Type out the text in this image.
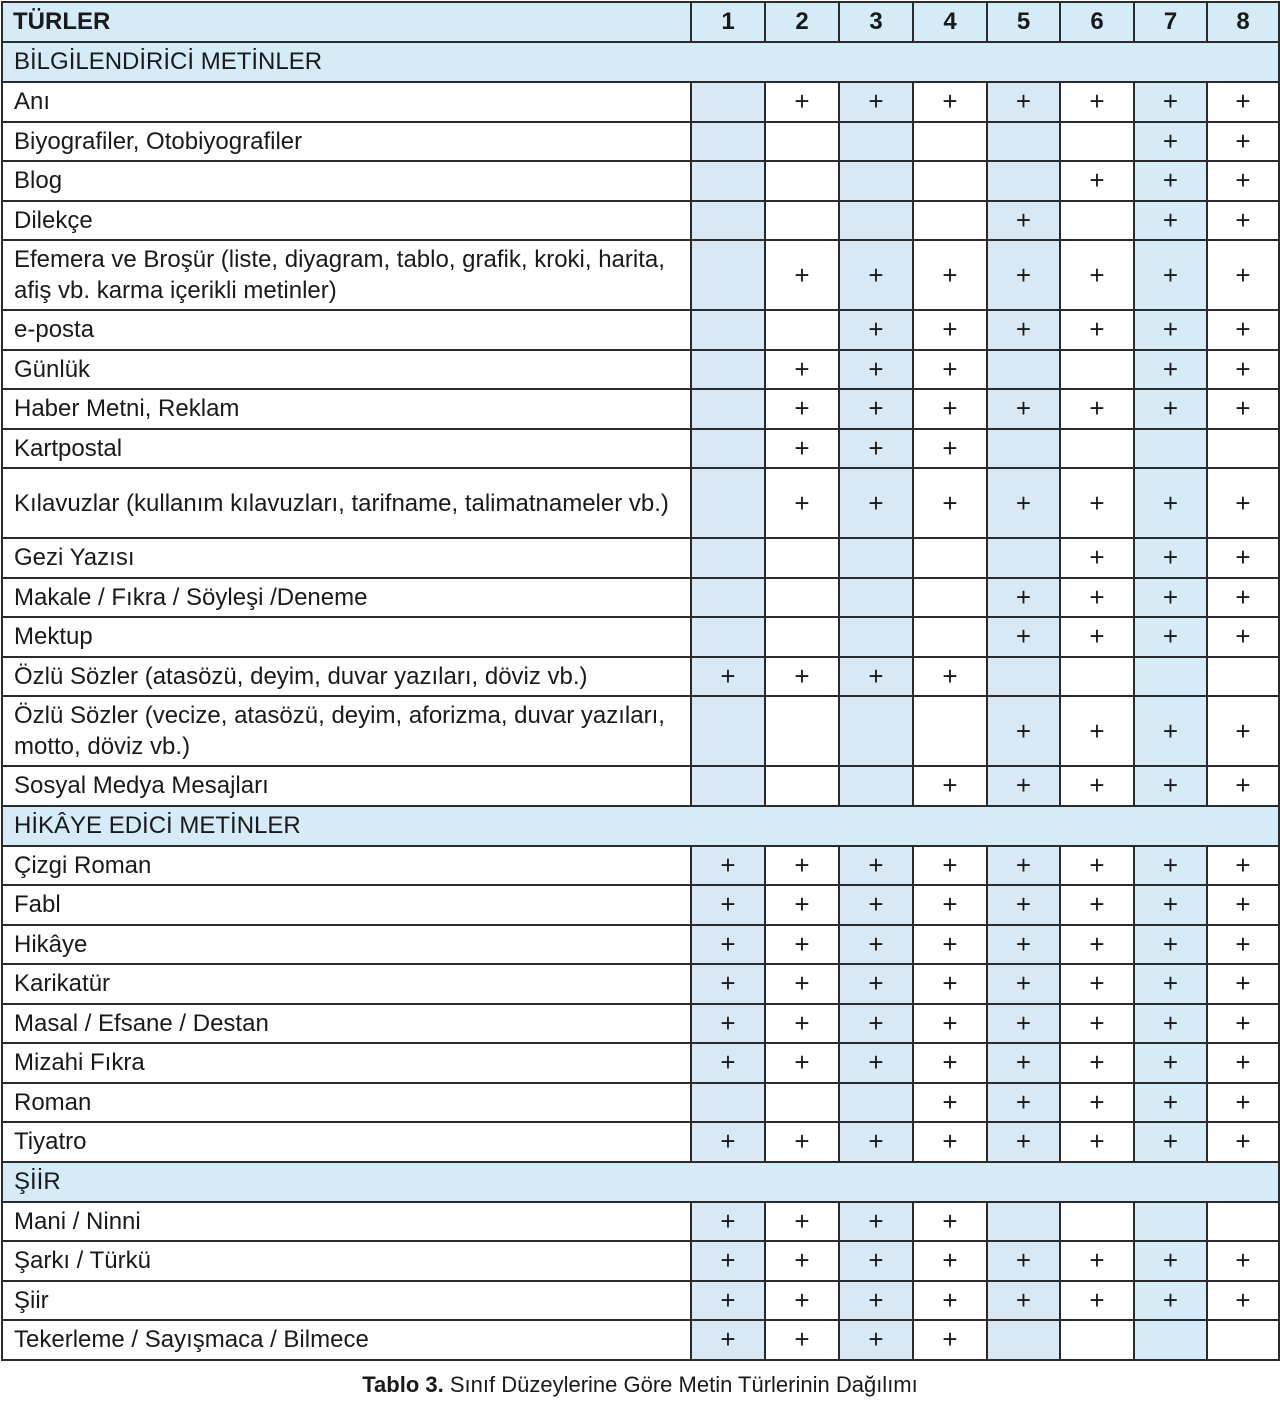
TÜRLER	1	2	3	4	5	6	7	8
BİLGİLENDİRİCİ METİNLER								
Anı		+	+	+	+	+	+	+
Biyografiler, Otobiyografiler							+	+
Blog						+	+	+
Dilekçe					+		+	+
Efemera ve Broşür (liste, diyagram, tablo, grafik, kroki, harita, afiş vb. karma içerikli metinler)		+	+	+	+	+	+	+
e-posta			+	+	+	+	+	+
Günlük		+	+	+			+	+
Haber Metni, Reklam		+	+	+	+	+	+	+
Kartpostal		+	+	+				
Kılavuzlar (kullanım kılavuzları, tarifname, talimatnameler vb.)		+	+	+	+	+	+	+
Gezi Yazısı						+	+	+
Makale / Fıkra / Söyleşi /Deneme					+	+	+	+
Mektup					+	+	+	+
Özlü Sözler (atasözü, deyim, duvar yazıları, döviz vb.)	+	+	+	+				
Özlü Sözler (vecize, atasözü, deyim, aforizma, duvar yazıları, motto, döviz vb.)					+	+	+	+
Sosyal Medya Mesajları				+	+	+	+	+
HİKÂYE EDİCİ METİNLER								
Çizgi Roman	+	+	+	+	+	+	+	+
Fabl	+	+	+	+	+	+	+	+
Hikâye	+	+	+	+	+	+	+	+
Karikatür	+	+	+	+	+	+	+	+
Masal / Efsane / Destan	+	+	+	+	+	+	+	+
Mizahi Fıkra	+	+	+	+	+	+	+	+
Roman				+	+	+	+	+
Tiyatro	+	+	+	+	+	+	+	+
ŞİİR								
Mani / Ninni	+	+	+	+				
Şarkı / Türkü	+	+	+	+	+	+	+	+
Şiir	+	+	+	+	+	+	+	+
Tekerleme / Sayışmaca / Bilmece	+	+	+	+				
Tablo 3. Sınıf Düzeylerine Göre Metin Türlerinin Dağılımı
